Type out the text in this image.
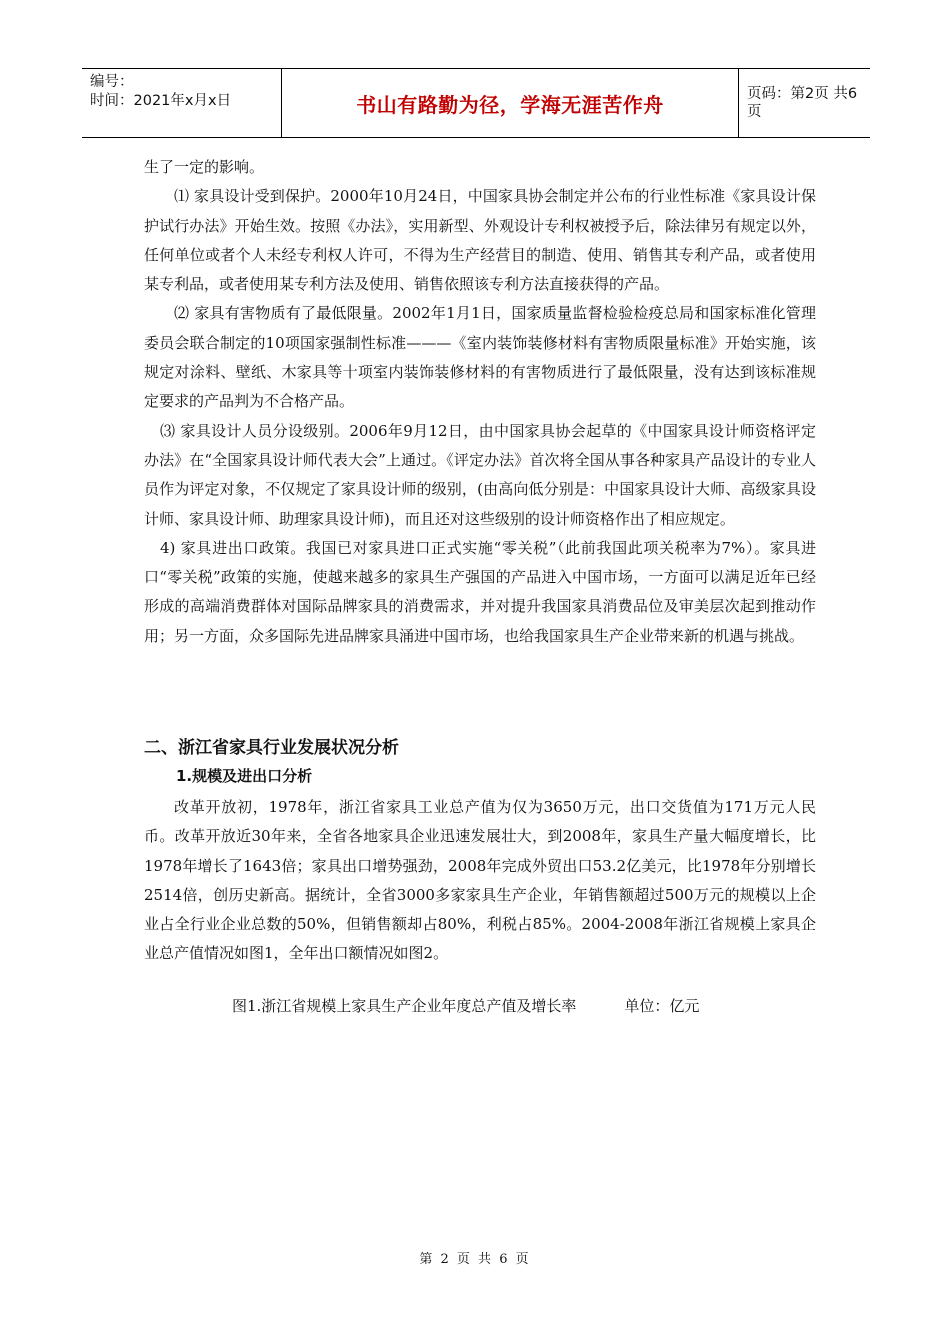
编号：
时间：2021年x月x日	书山有路勤为径，学海无涯苦作舟	页码：第2页 共6页

生了一定的影响。

⑴ 家具设计受到保护。2000年10月24日，中国家具协会制定并公布的行业性标准《家具设计保护试行办法》开始生效。按照《办法》，实用新型、外观设计专利权被授予后，除法律另有规定以外，任何单位或者个人未经专利权人许可，不得为生产经营目的制造、使用、销售其专利产品，或者使用某专利品，或者使用某专利方法及使用、销售依照该专利方法直接获得的产品。

⑵ 家具有害物质有了最低限量。2002年1月1日，国家质量监督检验检疫总局和国家标准化管理委员会联合制定的10项国家强制性标准———《室内装饰装修材料有害物质限量标准》开始实施，该规定对涂料、壁纸、木家具等十项室内装饰装修材料的有害物质进行了最低限量，没有达到该标准规定要求的产品判为不合格产品。

⑶ 家具设计人员分设级别。2006年9月12日，由中国家具协会起草的《中国家具设计师资格评定办法》在“全国家具设计师代表大会”上通过。《评定办法》首次将全国从事各种家具产品设计的专业人员作为评定对象，不仅规定了家具设计师的级别，(由高向低分别是：中国家具设计大师、高级家具设计师、家具设计师、助理家具设计师)，而且还对这些级别的设计师资格作出了相应规定。

4) 家具进出口政策。我国已对家具进口正式实施“零关税”（此前我国此项关税率为7%）。家具进口“零关税”政策的实施，使越来越多的家具生产强国的产品进入中国市场，一方面可以满足近年已经形成的高端消费群体对国际品牌家具的消费需求，并对提升我国家具消费品位及审美层次起到推动作用；另一方面，众多国际先进品牌家具涌进中国市场，也给我国家具生产企业带来新的机遇与挑战。

二、浙江省家具行业发展状况分析
1.规模及进出口分析

改革开放初，1978年，浙江省家具工业总产值为仅为3650万元，出口交货值为171万元人民币。改革开放近30年来，全省各地家具企业迅速发展壮大，到2008年，家具生产量大幅度增长，比1978年增长了1643倍；家具出口增势强劲，2008年完成外贸出口53.2亿美元，比1978年分别增长2514倍，创历史新高。据统计，全省3000多家家具生产企业，年销售额超过500万元的规模以上企业占全行业企业总数的50%，但销售额却占80%，利税占85%。2004-2008年浙江省规模上家具企业总产值情况如图1，全年出口额情况如图2。

图1.浙江省规模上家具生产企业年度总产值及增长率	单位：亿元
第 2 页 共 6 页
